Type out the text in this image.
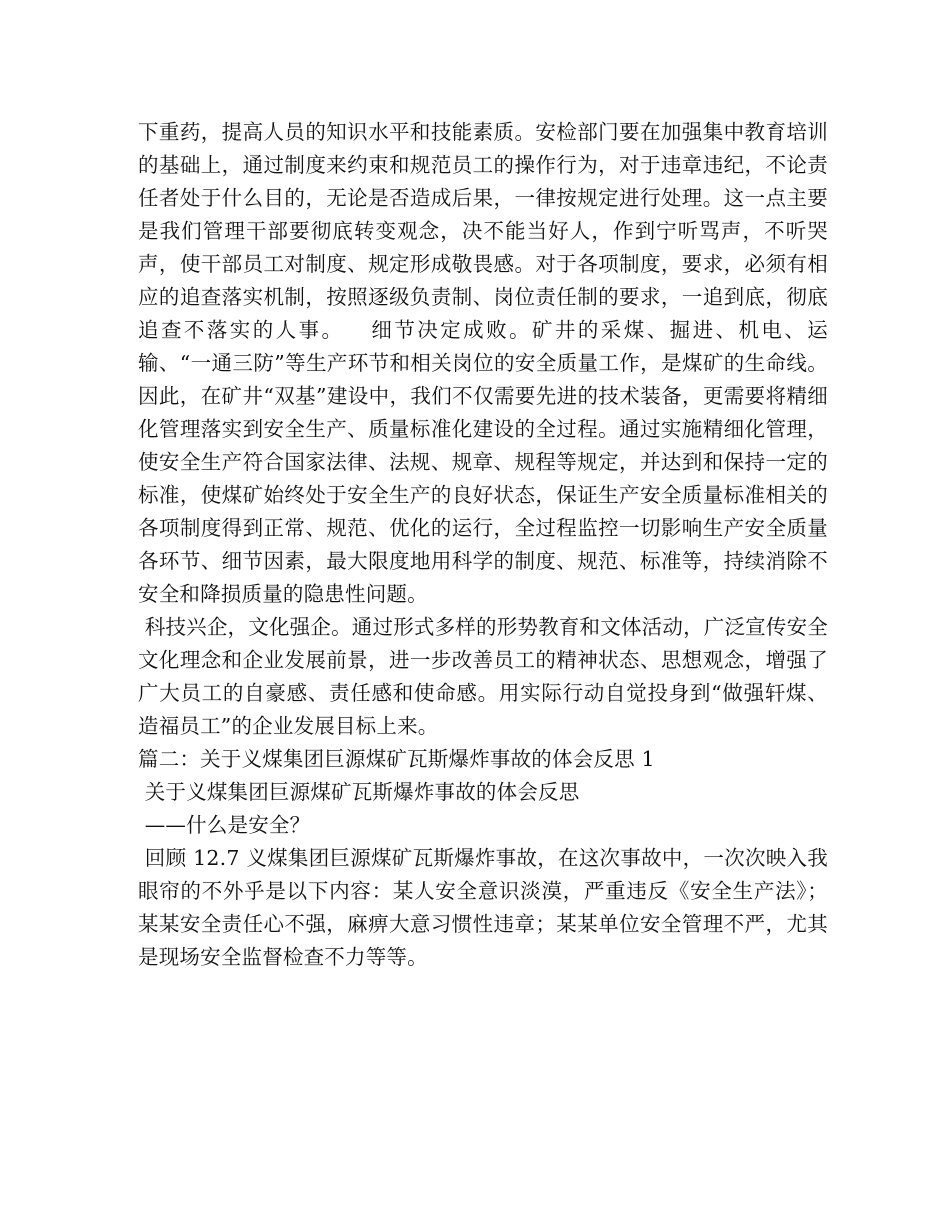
下重药，提高人员的知识水平和技能素质。安检部门要在加强集中教育培训的基础上，通过制度来约束和规范员工的操作行为，对于违章违纪，不论责任者处于什么目的，无论是否造成后果，一律按规定进行处理。这一点主要是我们管理干部要彻底转变观念，决不能当好人，作到宁听骂声，不听哭声，使干部员工对制度、规定形成敬畏感。对于各项制度，要求，必须有相应的追查落实机制，按照逐级负责制、岗位责任制的要求，一追到底，彻底追查不落实的人事。   细节决定成败。矿井的采煤、掘进、机电、运输、“一通三防”等生产环节和相关岗位的安全质量工作，是煤矿的生命线。因此，在矿井“双基”建设中，我们不仅需要先进的技术装备，更需要将精细化管理落实到安全生产、质量标准化建设的全过程。通过实施精细化管理，使安全生产符合国家法律、法规、规章、规程等规定，并达到和保持一定的标准，使煤矿始终处于安全生产的良好状态，保证生产安全质量标准相关的各项制度得到正常、规范、优化的运行，全过程监控一切影响生产安全质量各环节、细节因素，最大限度地用科学的制度、规范、标准等，持续消除不安全和降损质量的隐患性问题。

科技兴企，文化强企。通过形式多样的形势教育和文体活动，广泛宣传安全文化理念和企业发展前景，进一步改善员工的精神状态、思想观念，增强了广大员工的自豪感、责任感和使命感。用实际行动自觉投身到“做强轩煤、造福员工”的企业发展目标上来。

篇二：关于义煤集团巨源煤矿瓦斯爆炸事故的体会反思 1

关于义煤集团巨源煤矿瓦斯爆炸事故的体会反思

——什么是安全？

回顾 12.7 义煤集团巨源煤矿瓦斯爆炸事故，在这次事故中，一次次映入我眼帘的不外乎是以下内容：某人安全意识淡漠，严重违反《安全生产法》；某某安全责任心不强，麻痹大意习惯性违章；某某单位安全管理不严，尤其是现场安全监督检查不力等等。
